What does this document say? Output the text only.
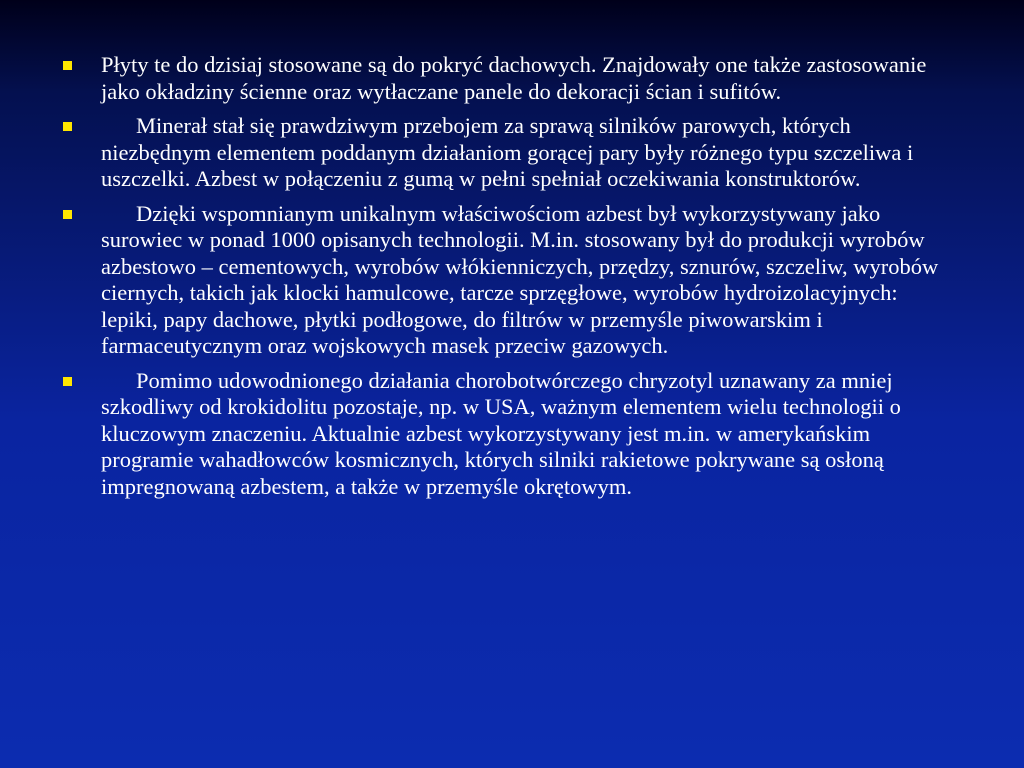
Płyty te do dzisiaj stosowane są do pokryć dachowych. Znajdowały one także zastosowanie jako okładziny ścienne oraz wytłaczane panele do dekoracji ścian i sufitów.
Minerał stał się prawdziwym przebojem za sprawą silników parowych, których niezbędnym elementem poddanym działaniom gorącej pary były różnego typu szczeliwa i uszczelki. Azbest w połączeniu z gumą w pełni spełniał oczekiwania konstruktorów.
Dzięki wspomnianym unikalnym właściwościom azbest był wykorzystywany jako surowiec w ponad 1000 opisanych technologii. M.in. stosowany był do produkcji wyrobów azbestowo – cementowych, wyrobów włókienniczych, przędzy, sznurów, szczeliw, wyrobów ciernych, takich jak klocki hamulcowe, tarcze sprzęgłowe, wyrobów hydroizolacyjnych: lepiki, papy dachowe, płytki podłogowe, do filtrów w przemyśle piwowarskim i farmaceutycznym oraz wojskowych masek przeciw gazowych.
Pomimo udowodnionego działania chorobotwórczego chryzotyl uznawany za mniej szkodliwy od krokidolitu pozostaje, np. w USA, ważnym elementem wielu technologii o kluczowym znaczeniu. Aktualnie azbest wykorzystywany jest m.in. w amerykańskim programie wahadłowców kosmicznych, których silniki rakietowe pokrywane są osłoną impregnowaną azbestem, a także w przemyśle okrętowym.
